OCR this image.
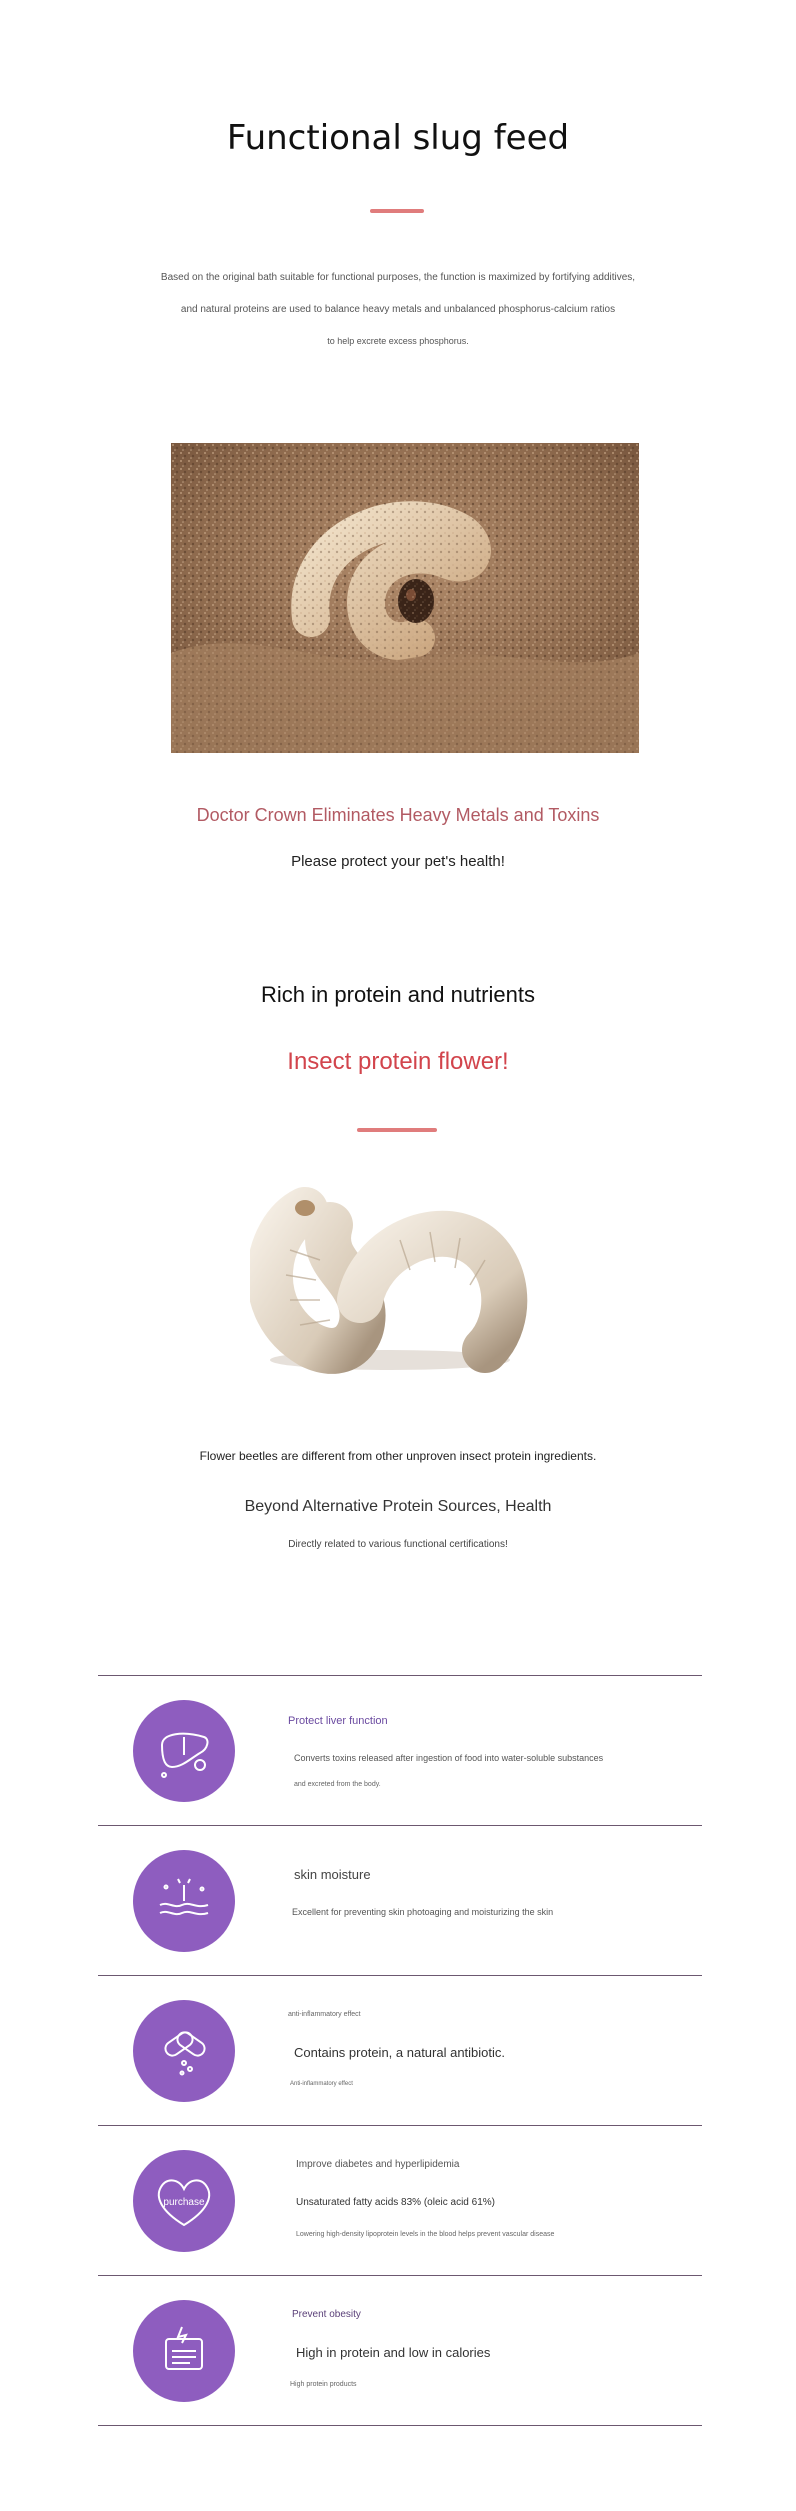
Functional slug feed
Based on the original bath suitable for functional purposes, the function is maximized by fortifying additives,
and natural proteins are used to balance heavy metals and unbalanced phosphorus-calcium ratios
to help excrete excess phosphorus.
Doctor Crown Eliminates Heavy Metals and Toxins
Please protect your pet's health!
Rich in protein and nutrients
Insect protein flower!
Flower beetles are different from other unproven insect protein ingredients.
Beyond Alternative Protein Sources, Health
Directly related to various functional certifications!
Protect liver function
Converts toxins released after ingestion of food into water-soluble substances
and excreted from the body.
skin moisture
Excellent for preventing skin photoaging and moisturizing the skin
anti-inflammatory effect
Contains protein, a natural antibiotic.
Anti-inflammatory effect
purchase
Improve diabetes and hyperlipidemia
Unsaturated fatty acids 83% (oleic acid 61%)
Lowering high-density lipoprotein levels in the blood helps prevent vascular disease
Prevent obesity
High in protein and low in calories
High protein products
